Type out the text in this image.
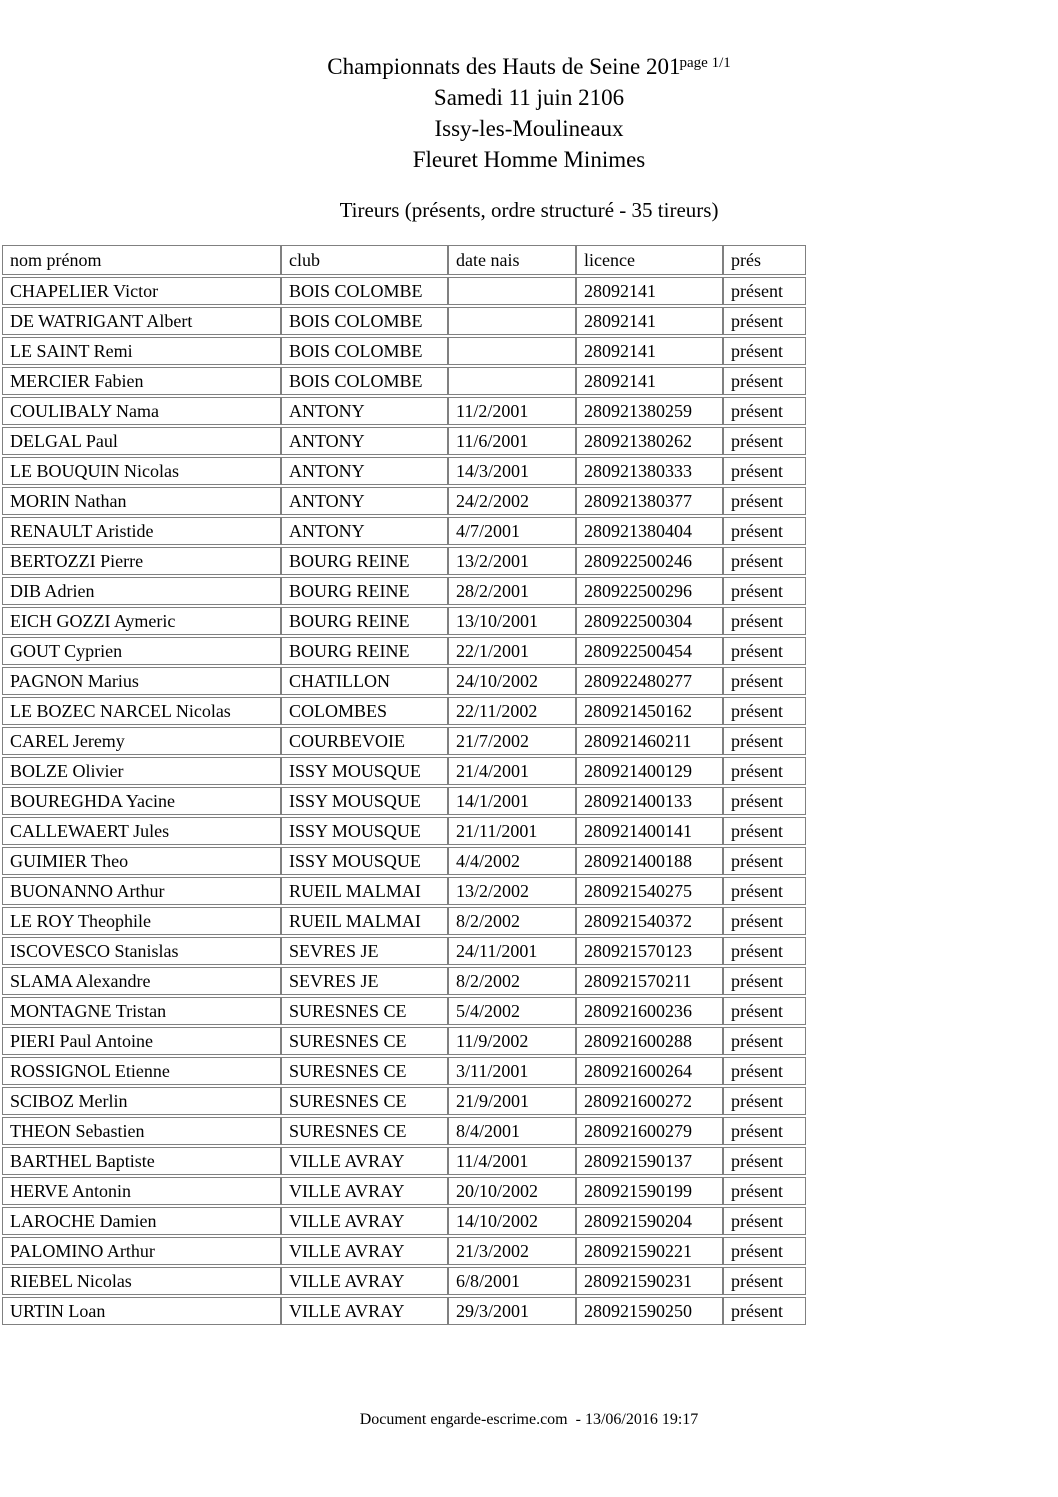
Championnats des Hauts de Seine $201^{page 1/1}$
Samedi 11 juin 2106
Issy-les-Moulineaux
Fleuret Homme Minimes
Tireurs (présents, ordre structuré - 35 tireurs)
nom prénom	club	date nais	licence	prés
CHAPELIER Victor	BOIS COLOMBE		28092141	présent
DE WATRIGANT Albert	BOIS COLOMBE		28092141	présent
LE SAINT Remi	BOIS COLOMBE		28092141	présent
MERCIER Fabien	BOIS COLOMBE		28092141	présent
COULIBALY Nama	ANTONY	11/2/2001	280921380259	présent
DELGAL Paul	ANTONY	11/6/2001	280921380262	présent
LE BOUQUIN Nicolas	ANTONY	14/3/2001	280921380333	présent
MORIN Nathan	ANTONY	24/2/2002	280921380377	présent
RENAULT Aristide	ANTONY	4/7/2001	280921380404	présent
BERTOZZI Pierre	BOURG REINE	13/2/2001	280922500246	présent
DIB Adrien	BOURG REINE	28/2/2001	280922500296	présent
EICH GOZZI Aymeric	BOURG REINE	13/10/2001	280922500304	présent
GOUT Cyprien	BOURG REINE	22/1/2001	280922500454	présent
PAGNON Marius	CHATILLON	24/10/2002	280922480277	présent
LE BOZEC NARCEL Nicolas	COLOMBES	22/11/2002	280921450162	présent
CAREL Jeremy	COURBEVOIE	21/7/2002	280921460211	présent
BOLZE Olivier	ISSY MOUSQUE	21/4/2001	280921400129	présent
BOUREGHDA Yacine	ISSY MOUSQUE	14/1/2001	280921400133	présent
CALLEWAERT Jules	ISSY MOUSQUE	21/11/2001	280921400141	présent
GUIMIER Theo	ISSY MOUSQUE	4/4/2002	280921400188	présent
BUONANNO Arthur	RUEIL MALMAI	13/2/2002	280921540275	présent
LE ROY Theophile	RUEIL MALMAI	8/2/2002	280921540372	présent
ISCOVESCO Stanislas	SEVRES JE	24/11/2001	280921570123	présent
SLAMA Alexandre	SEVRES JE	8/2/2002	280921570211	présent
MONTAGNE Tristan	SURESNES CE	5/4/2002	280921600236	présent
PIERI Paul Antoine	SURESNES CE	11/9/2002	280921600288	présent
ROSSIGNOL Etienne	SURESNES CE	3/11/2001	280921600264	présent
SCIBOZ Merlin	SURESNES CE	21/9/2001	280921600272	présent
THEON Sebastien	SURESNES CE	8/4/2001	280921600279	présent
BARTHEL Baptiste	VILLE AVRAY	11/4/2001	280921590137	présent
HERVE Antonin	VILLE AVRAY	20/10/2002	280921590199	présent
LAROCHE Damien	VILLE AVRAY	14/10/2002	280921590204	présent
PALOMINO Arthur	VILLE AVRAY	21/3/2002	280921590221	présent
RIEBEL Nicolas	VILLE AVRAY	6/8/2001	280921590231	présent
URTIN Loan	VILLE AVRAY	29/3/2001	280921590250	présent
Document engarde-escrime.com  - 13/06/2016 19:17
